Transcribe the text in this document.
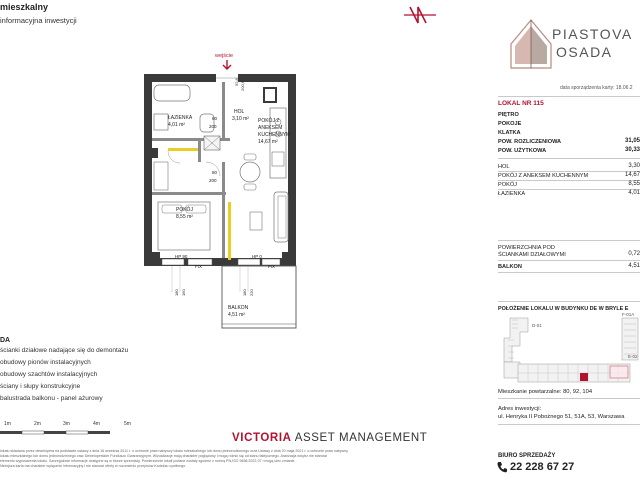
mieszkalny
informacyjna inwestycji
PIASTOVA
OSADA
data sporządzenia karty: 18.06.2
LOKAL NR 115
PIĘTRO
POKOJE
KLATKA
POW. ROZLICZENIOWA	31,05
POW. UŻYTKOWA	30,33
HOL	3,30
POKÓJ Z ANEKSEM KUCHENNYM	14,67
POKÓJ	8,55
ŁAZIENKA	4,01
POWIERZCHNIA POD
ŚCIANKAMI DZIAŁOWYMI	0,72
BALKON	4,51
POŁOŻENIE LOKALU W BUDYNKU DE W BRYLE E
D-01
F-01A
E-02
Mieszkanie powtarzalne: 80, 92, 104
Adres inwestycji:
ul. Henryka II Pobożnego 51, 51A, 53, Warszawa
BIURO SPRZEDAŻY
22 228 67 27
wejście
92,8 200,6
HOL
3,10 m²
ŁAZIENKA
4,01 m²
80
200
POKÓJ Z
ANEKSEM
KUCHENNYM
14,67 m²
80
200
POKÓJ
8,55 m²
HP 90	HP 0
FIX	FIX
180 160	180 220
BALKON
4,51 m²
DA
ścianki działowe nadające się do demontażu
obudowy pionów instalacyjnych
obudowy szachtów instalacyjnych
ściany i słupy konstrukcyjne
balustrada balkonu - panel ażurowy
1m	2m	3m	4m	5m
VICTORIA ASSET MANAGEMENT
lokalu składana przez dewelopera na podstawie ustawy z dnia 16 września 2011 r. o ochronie praw nabywcy lokalu mieszkalnego lub domu jednorodzinnego oraz Ustawy z dnia 20 maja 2021 r. o ochronie praw nabywcy
lokalu mieszkalnego lub domu jednorodzinnego oraz Deweloperskim Funduszu Gwarancyjnym. Wizualizacje mają charakter poglądowy i mogą różnić się od stanu faktycznego. Aranżacja wnętrz nie stanowi
elementu wyposażenia lokalu. Szczegółowe informacje dostępne są w biurze sprzedaży. Powierzchnie lokali podane zostały zgodnie z normą PN-ISO 9836:2022-07 i mogą ulec zmianie.
Niniejsza karta ma charakter wyłącznie informacyjny i nie stanowi oferty w rozumieniu przepisów Kodeksu cywilnego.
